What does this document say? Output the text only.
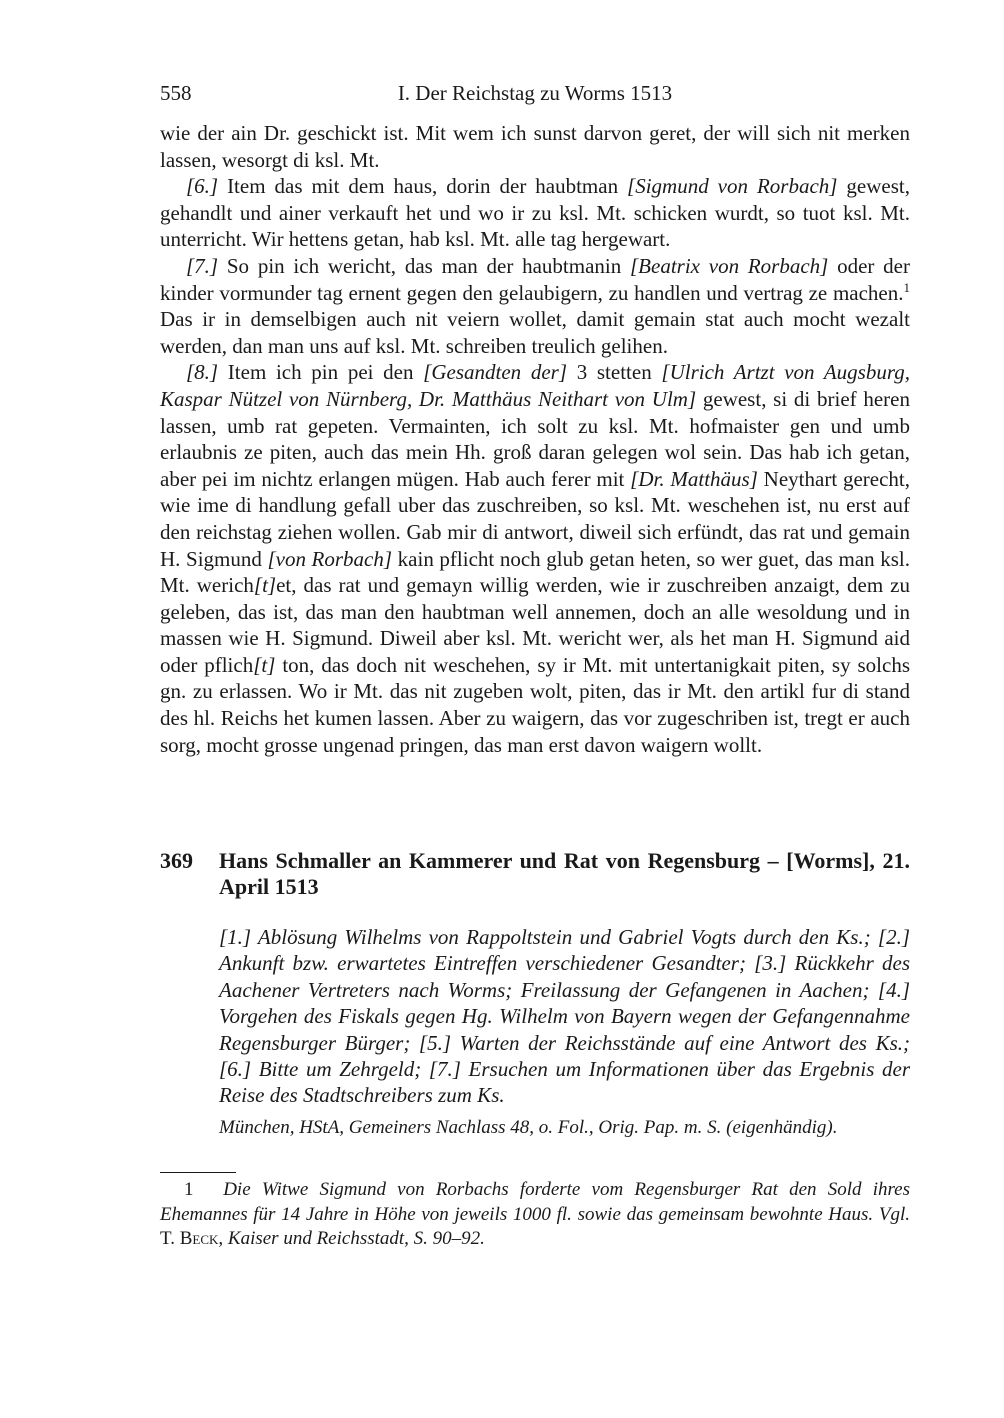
558	I. Der Reichstag zu Worms 1513

wie der ain Dr. geschickt ist. Mit wem ich sunst darvon geret, der will sich nit merken lassen, wesorgt di ksl. Mt.

[6.] Item das mit dem haus, dorin der haubtman [Sigmund von Rorbach] gewest, gehandlt und ainer verkauft het und wo ir zu ksl. Mt. schicken wurdt, so tuot ksl. Mt. unterricht. Wir hettens getan, hab ksl. Mt. alle tag hergewart.

[7.] So pin ich wericht, das man der haubtmanin [Beatrix von Rorbach] oder der kinder vormunder tag ernent gegen den gelaubigern, zu handlen und vertrag ze machen.$^1$ Das ir in demselbigen auch nit veiern wollet, damit gemain stat auch mocht wezalt werden, dan man uns auf ksl. Mt. schreiben treulich gelihen.

[8.] Item ich pin pei den [Gesandten der] 3 stetten [Ulrich Artzt von Augsburg, Kaspar Nützel von Nürnberg, Dr. Matthäus Neithart von Ulm] gewest, si di brief heren lassen, umb rat gepeten. Vermainten, ich solt zu ksl. Mt. hofmaister gen und umb erlaubnis ze piten, auch das mein Hh. groß daran gelegen wol sein. Das hab ich getan, aber pei im nichtz erlangen mügen. Hab auch ferer mit [Dr. Matthäus] Neythart gerecht, wie ime di handlung gefall uber das zuschreiben, so ksl. Mt. weschehen ist, nu erst auf den reichstag ziehen wollen. Gab mir di antwort, diweil sich erfündt, das rat und gemain H. Sigmund [von Rorbach] kain pflicht noch glub getan heten, so wer guet, das man ksl. Mt. werich[t]et, das rat und gemayn willig werden, wie ir zuschreiben anzaigt, dem zu geleben, das ist, das man den haubtman well annemen, doch an alle wesoldung und in massen wie H. Sigmund. Diweil aber ksl. Mt. wericht wer, als het man H. Sigmund aid oder pflich[t] ton, das doch nit weschehen, sy ir Mt. mit untertanigkait piten, sy solchs gn. zu erlassen. Wo ir Mt. das nit zugeben wolt, piten, das ir Mt. den artikl fur di stand des hl. Reichs het kumen lassen. Aber zu waigern, das vor zugeschriben ist, tregt er auch sorg, mocht grosse ungenad pringen, das man erst davon waigern wollt.

369 Hans Schmaller an Kammerer und Rat von Regensburg – [Worms], 21. April 1513
[1.] Ablösung Wilhelms von Rappoltstein und Gabriel Vogts durch den Ks.; [2.] Ankunft bzw. erwartetes Eintreffen verschiedener Gesandter; [3.] Rückkehr des Aachener Vertreters nach Worms; Freilassung der Gefangenen in Aachen; [4.] Vorgehen des Fiskals gegen Hg. Wilhelm von Bayern wegen der Gefangennahme Regensburger Bürger; [5.] Warten der Reichsstände auf eine Antwort des Ks.; [6.] Bitte um Zehrgeld; [7.] Ersuchen um Informationen über das Ergebnis der Reise des Stadtschreibers zum Ks.
München, HStA, Gemeiners Nachlass 48, o. Fol., Orig. Pap. m. S. (eigenhändig).
1 Die Witwe Sigmund von Rorbachs forderte vom Regensburger Rat den Sold ihres Ehemannes für 14 Jahre in Höhe von jeweils 1000 fl. sowie das gemeinsam bewohnte Haus. Vgl. T. Beck, Kaiser und Reichsstadt, S. 90–92.
